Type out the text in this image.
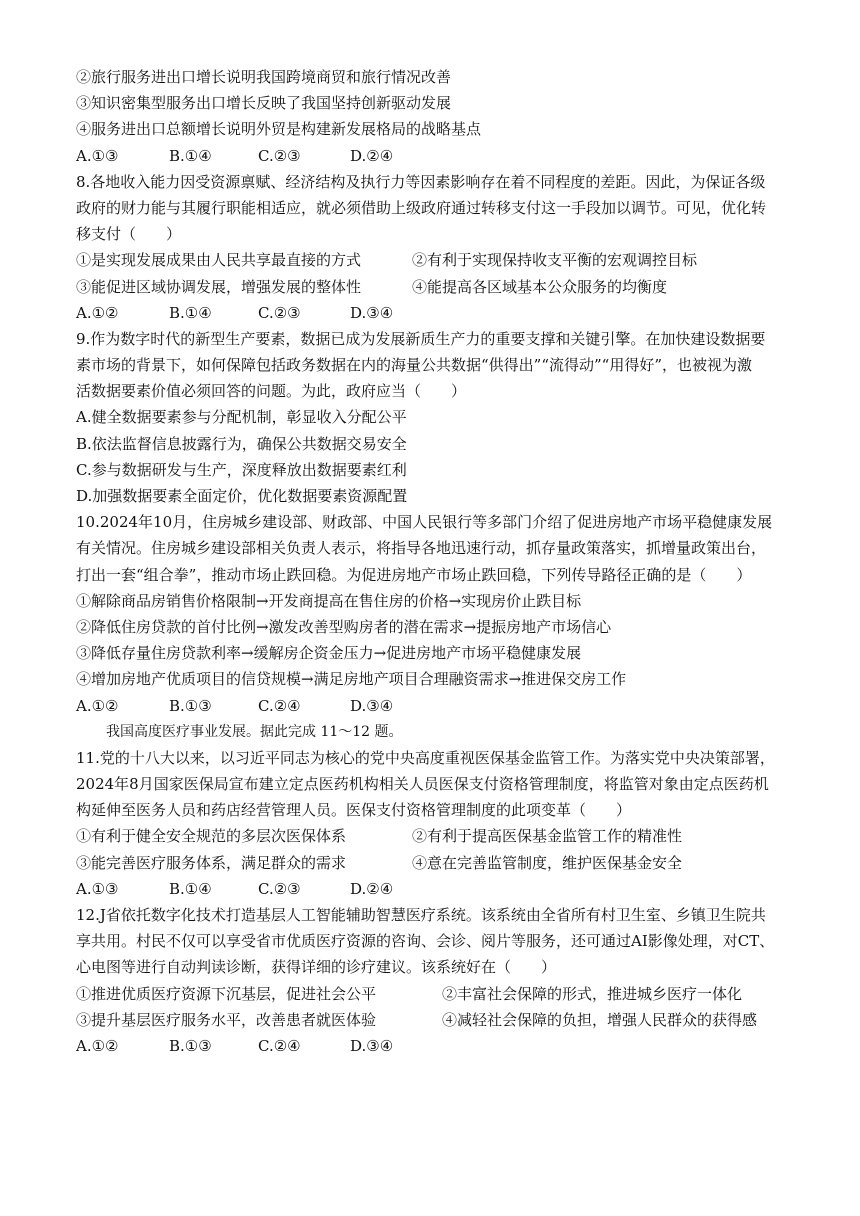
②旅行服务进出口增长说明我国跨境商贸和旅行情况改善
③知识密集型服务出口增长反映了我国坚持创新驱动发展
④服务进出口总额增长说明外贸是构建新发展格局的战略基点
A.①③	B.①④	C.②③	D.②④
8.各地收入能力因受资源禀赋、经济结构及执行力等因素影响存在着不同程度的差距。因此，为保证各级
政府的财力能与其履行职能相适应，就必须借助上级政府通过转移支付这一手段加以调节。可见，优化转
移支付（　　）
①是实现发展成果由人民共享最直接的方式	②有利于实现保持收支平衡的宏观调控目标
③能促进区域协调发展，增强发展的整体性	④能提高各区域基本公众服务的均衡度
A.①②	B.①④	C.②③	D.③④
9.作为数字时代的新型生产要素，数据已成为发展新质生产力的重要支撑和关键引擎。在加快建设数据要
素市场的背景下，如何保障包括政务数据在内的海量公共数据“供得出”“流得动”“用得好”，也被视为激
活数据要素价值必须回答的问题。为此，政府应当（　　）
A.健全数据要素参与分配机制，彰显收入分配公平
B.依法监督信息披露行为，确保公共数据交易安全
C.参与数据研发与生产，深度释放出数据要素红利
D.加强数据要素全面定价，优化数据要素资源配置
10.2024年10月，住房城乡建设部、财政部、中国人民银行等多部门介绍了促进房地产市场平稳健康发展
有关情况。住房城乡建设部相关负责人表示，将指导各地迅速行动，抓存量政策落实，抓增量政策出台，
打出一套“组合拳”，推动市场止跌回稳。为促进房地产市场止跌回稳，下列传导路径正确的是（　　）
①解除商品房销售价格限制→开发商提高在售住房的价格→实现房价止跌目标
②降低住房贷款的首付比例→激发改善型购房者的潜在需求→提振房地产市场信心
③降低存量住房贷款利率→缓解房企资金压力→促进房地产市场平稳健康发展
④增加房地产优质项目的信贷规模→满足房地产项目合理融资需求→推进保交房工作
A.①②	B.①③	C.②④	D.③④
我国高度医疗事业发展。据此完成 11～12 题。
11.党的十八大以来，以习近平同志为核心的党中央高度重视医保基金监管工作。为落实党中央决策部署，
2024年8月国家医保局宣布建立定点医药机构相关人员医保支付资格管理制度，将监管对象由定点医药机
构延伸至医务人员和药店经营管理人员。医保支付资格管理制度的此项变革（　　）
①有利于健全安全规范的多层次医保体系	②有利于提高医保基金监管工作的精准性
③能完善医疗服务体系，满足群众的需求	④意在完善监管制度，维护医保基金安全
A.①③	B.①④	C.②③	D.②④
12.J省依托数字化技术打造基层人工智能辅助智慧医疗系统。该系统由全省所有村卫生室、乡镇卫生院共
享共用。村民不仅可以享受省市优质医疗资源的咨询、会诊、阅片等服务，还可通过AI影像处理，对CT、
心电图等进行自动判读诊断，获得详细的诊疗建议。该系统好在（　　）
①推进优质医疗资源下沉基层，促进社会公平	②丰富社会保障的形式，推进城乡医疗一体化
③提升基层医疗服务水平，改善患者就医体验	④减轻社会保障的负担，增强人民群众的获得感
A.①②	B.①③	C.②④	D.③④
